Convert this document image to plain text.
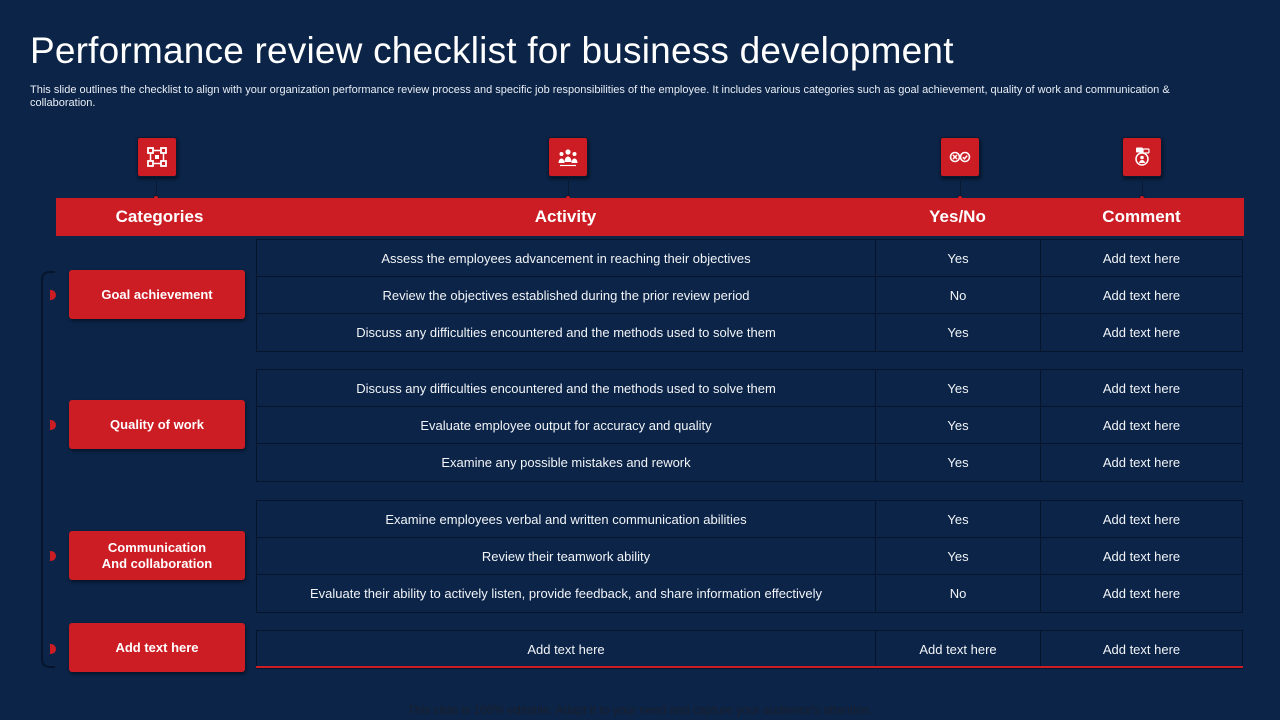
Performance review checklist for business development
This slide outlines the checklist to align with your organization performance review process and specific job responsibilities of the employee. It includes various categories such as goal achievement, quality of work and communication & collaboration.
Categories	Activity	Yes/No	Comment
Goal achievement
Assess the employees advancement in reaching their objectives	Yes	Add text here
Review the objectives established during the prior review period	No	Add text here
Discuss any difficulties encountered and the methods used to solve them	Yes	Add text here
Quality of work
Discuss any difficulties encountered and the methods used to solve them	Yes	Add text here
Evaluate employee output for accuracy and quality	Yes	Add text here
Examine any possible mistakes and rework	Yes	Add text here
Communication
And collaboration
Examine employees verbal and written communication abilities	Yes	Add text here
Review their teamwork ability	Yes	Add text here
Evaluate their ability to actively listen, provide feedback, and share information effectively	No	Add text here
Add text here	Add text here	Add text here	Add text here
This slide is 100% editable. Adapt it to your need and capture your audience's attention.
